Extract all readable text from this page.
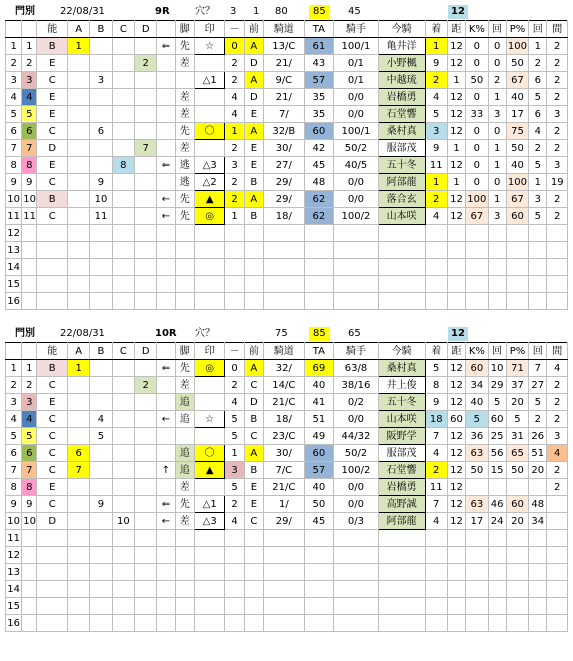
門別	22/08/31	9R	穴？ 3 1 80	85	45	12
		能	A	B	C	D		脚	印	－	前	騎道	TA	騎手	今騎	着	距	K%	回	P%	回	間
1	1	B	1				⇐	先	☆	0	A	13/C	61	100/1	亀井洋	1	12	0	0	100	1	2
2	2	E				2		差		2	D	21/	43	0/1	小野楓	9	12	0	0	50	2	2
3	3	C		3					△1	2	A	9/C	57	0/1	中越琉	2	1	50	2	67	6	2
4	4	E						差		4	D	21/	35	0/0	岩橋勇	4	12	0	1	40	5	2
5	5	E						差		4	E	7/	35	0/0	石堂響	5	12	33	3	17	6	3
6	6	C		6				先	〇	1	A	32/B	60	100/1	桑村真	3	12	0	0	75	4	2
7	7	D				7		差		2	E	30/	42	50/2	服部茂	9	1	0	1	50	2	2
8	8	E			8		⇐	逃	△3	3	E	27/	45	40/5	五十冬	11	12	0	1	40	5	3
9	9	C		9				逃	△2	2	B	29/	48	0/0	阿部龍	1	1	0	0	100	1	19
10	10	B		10			←	先	▲	2	A	29/	62	0/0	落合玄	2	12	100	1	67	3	2
11	11	C		11			←	先	◎	1	B	18/	62	100/2	山本咲	4	12	67	3	60	5	2
12																						
13																						
14																						
15																						
16																						
門別	22/08/31	10R 穴？	75	85	65	12
		能	A	B	C	D		脚	印	－	前	騎道	TA	騎手	今騎	着	距	K%	回	P%	回	間
1	1	B	1				⇐	先	◎	0	A	32/	69	63/8	桑村真	5	12	60	10	71	7	4
2	2	C				2		差		2	C	14/C	40	38/16	井上俊	8	12	34	29	37	27	2
3	3	E						追		4	D	21/C	41	0/2	五十冬	9	12	40	5	20	5	2
4	4	C		4			←	追	☆	5	B	18/	51	0/0	山本咲	18	60	5	60	5	2	2
5	5	C		5						5	C	23/C	49	44/32	阪野学	7	12	36	25	31	26	3
6	6	C	6					追	〇	1	A	30/	60	50/2	服部茂	4	12	63	56	65	51	4
7	7	C	7				↑	追	▲	3	B	7/C	57	100/2	石堂響	2	12	50	15	50	20	2
8	8	E						差		5	E	21/C	40	0/0	岩橋勇	11	12					2
9	9	C		9			⇐	先	△1	2	E	1/	50	0/0	高野誠	7	12	63	46	60	48	
10	10	D			10		←	差	△3	4	C	29/	45	0/3	阿部龍	4	12	17	24	20	34	
11																						
12																						
13																						
14																						
15																						
16																						
